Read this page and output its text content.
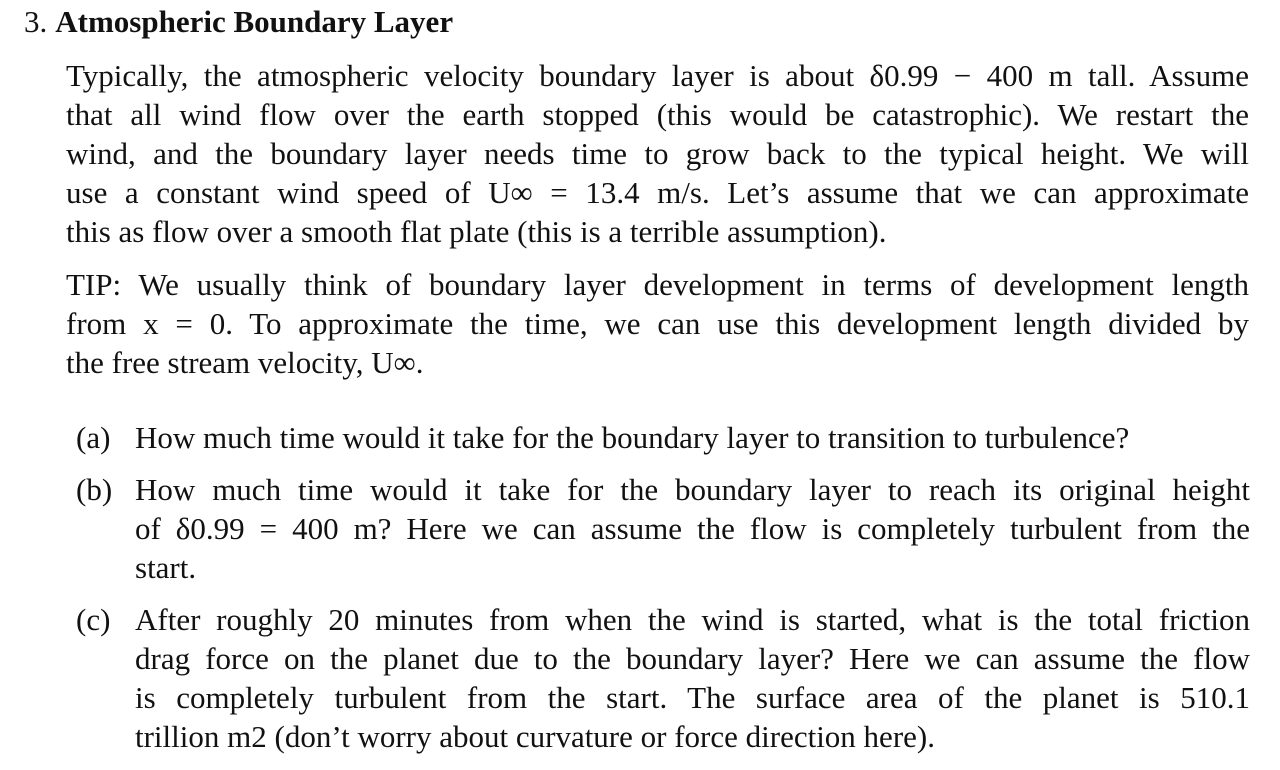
3. Atmospheric Boundary Layer
Typically, the atmospheric velocity boundary layer is about δ0.99 − 400 m tall. Assume
that all wind flow over the earth stopped (this would be catastrophic). We restart the
wind, and the boundary layer needs time to grow back to the typical height. We will
use a constant wind speed of U∞ = 13.4 m/s. Let’s assume that we can approximate
this as flow over a smooth flat plate (this is a terrible assumption).
TIP: We usually think of boundary layer development in terms of development length
from x = 0. To approximate the time, we can use this development length divided by
the free stream velocity, U∞.
(a) How much time would it take for the boundary layer to transition to turbulence?
(b) How much time would it take for the boundary layer to reach its original height
of δ0.99 = 400 m? Here we can assume the flow is completely turbulent from the
start.
(c) After roughly 20 minutes from when the wind is started, what is the total friction
drag force on the planet due to the boundary layer? Here we can assume the flow
is completely turbulent from the start. The surface area of the planet is 510.1
trillion m2 (don’t worry about curvature or force direction here).
